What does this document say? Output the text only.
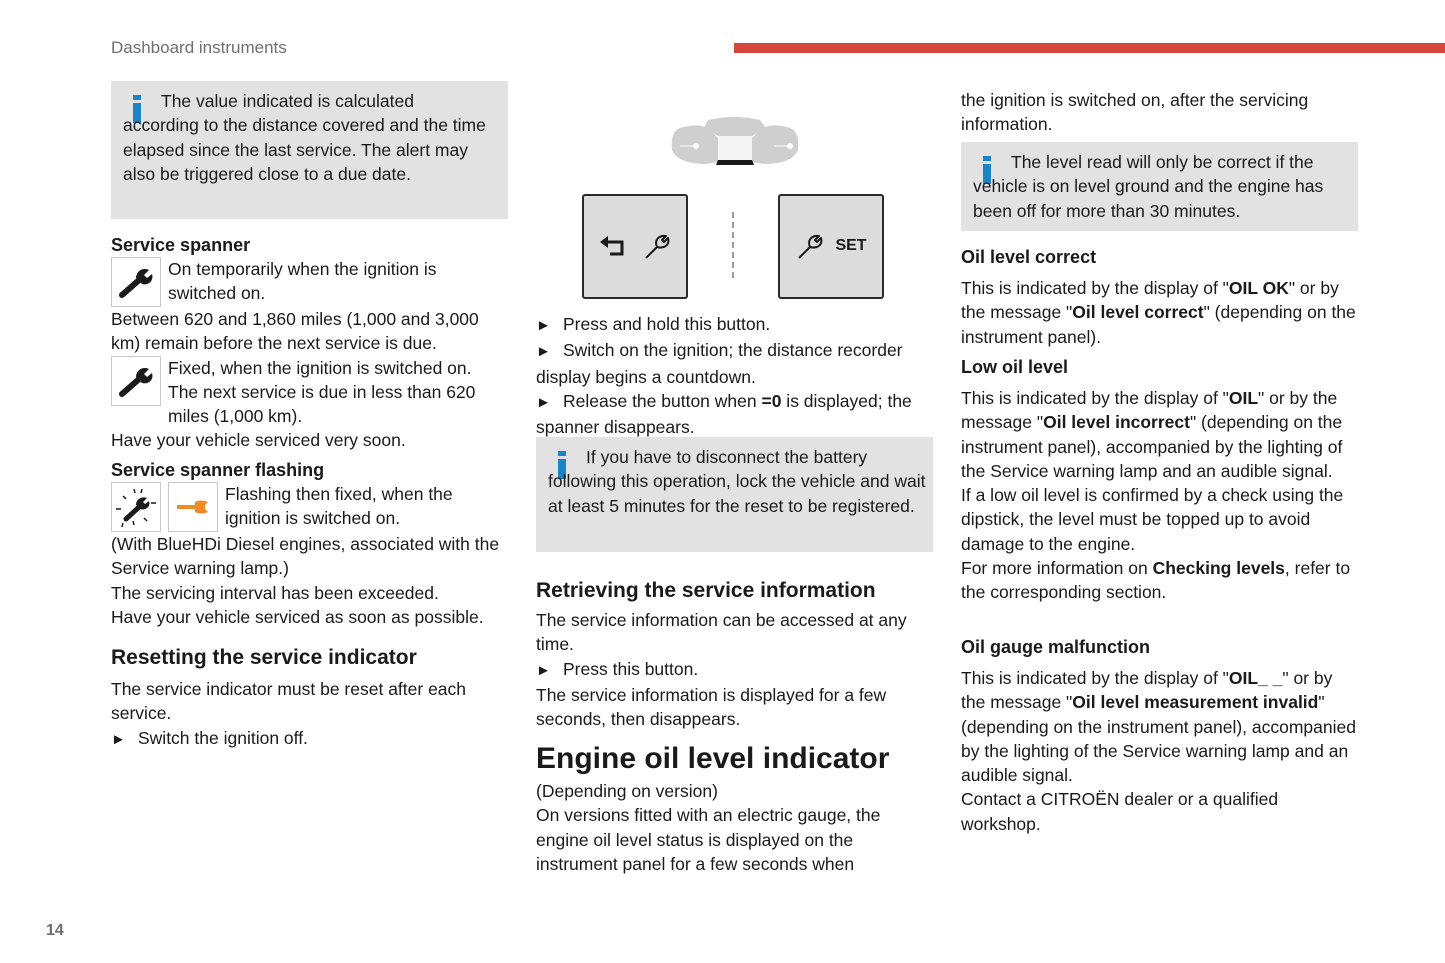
Dashboard instruments
The value indicated is calculated according to the distance covered and the time elapsed since the last service. The alert may also be triggered close to a due date.
Service spanner
On temporarily when the ignition is switched on.

Between 620 and 1,860 miles (1,000 and 3,000 km) remain before the next service is due.

Fixed, when the ignition is switched on. The next service is due in less than 620 miles (1,000 km).

Have your vehicle serviced very soon.

Service spanner flashing
Flashing then fixed, when the ignition is switched on.

(With BlueHDi Diesel engines, associated with the Service warning lamp.)

The servicing interval has been exceeded.

Have your vehicle serviced as soon as possible.

Resetting the service indicator

The service indicator must be reset after each service.

► Switch the ignition off.

SET

► Press and hold this button.

► Switch on the ignition; the distance recorder display begins a countdown.

► Release the button when =0 is displayed; the spanner disappears.

If you have to disconnect the battery following this operation, lock the vehicle and wait at least 5 minutes for the reset to be registered.
Retrieving the service information

The service information can be accessed at any time.

► Press this button.

The service information is displayed for a few seconds, then disappears.

Engine oil level indicator

(Depending on version)

On versions fitted with an electric gauge, the engine oil level status is displayed on the instrument panel for a few seconds when

the ignition is switched on, after the servicing information.

The level read will only be correct if the vehicle is on level ground and the engine has been off for more than 30 minutes.
Oil level correct

This is indicated by the display of "OIL OK" or by the message "Oil level correct" (depending on the instrument panel).

Low oil level

This is indicated by the display of "OIL" or by the message "Oil level incorrect" (depending on the instrument panel), accompanied by the lighting of the Service warning lamp and an audible signal.

If a low oil level is confirmed by a check using the dipstick, the level must be topped up to avoid damage to the engine.

For more information on Checking levels, refer to the corresponding section.

Oil gauge malfunction

This is indicated by the display of "OIL_ _" or by the message "Oil level measurement invalid" (depending on the instrument panel), accompanied by the lighting of the Service warning lamp and an audible signal.

Contact a CITROËN dealer or a qualified workshop.

14
